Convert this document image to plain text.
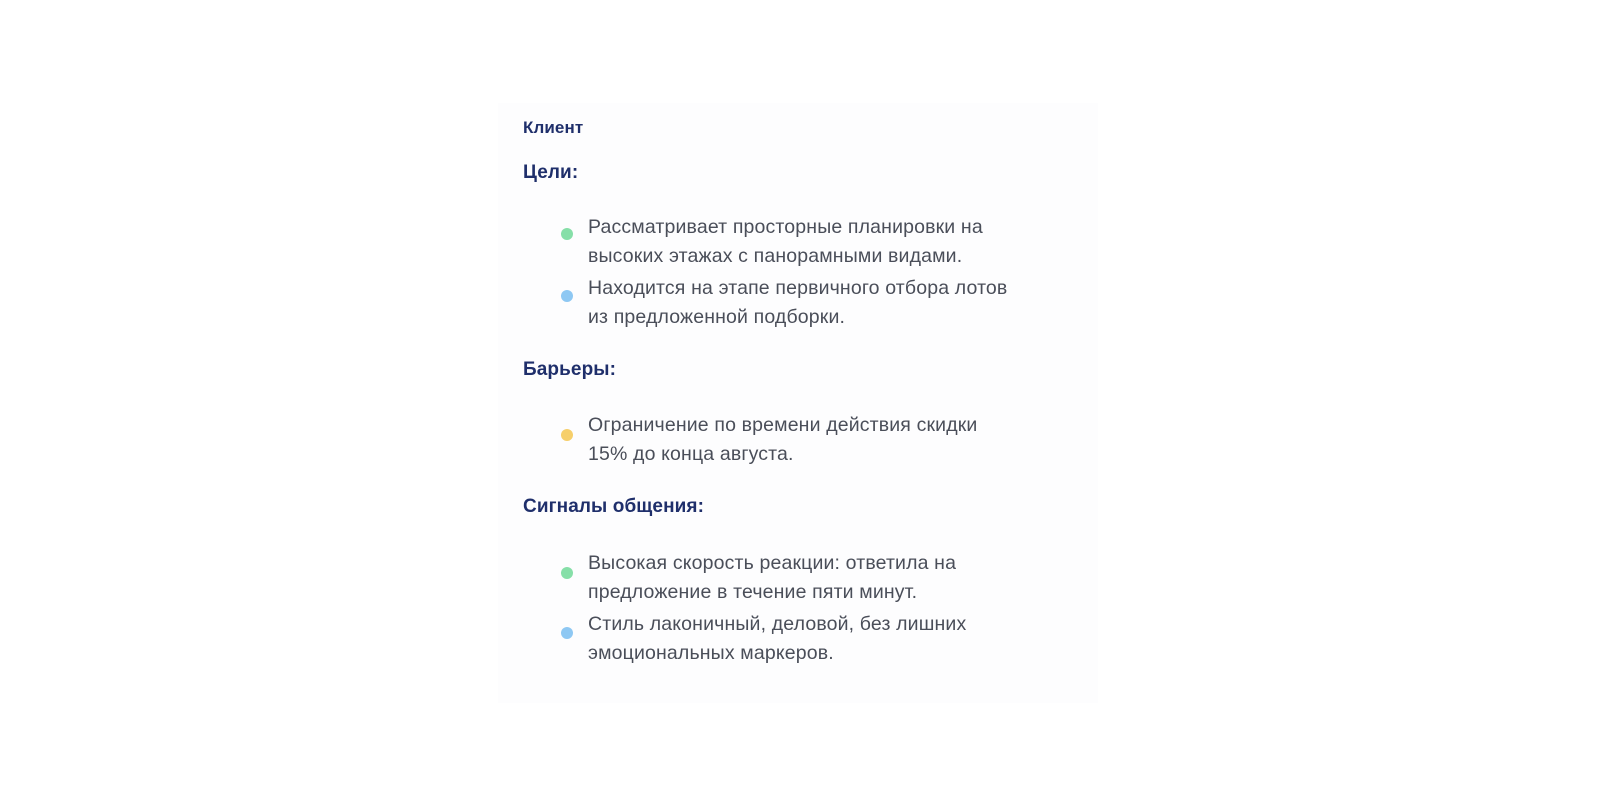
Клиент
Цели:
Рассматривает просторные планировки на
высоких этажах с панорамными видами.
Находится на этапе первичного отбора лотов
из предложенной подборки.
Барьеры:
Ограничение по времени действия скидки
15% до конца августа.
Сигналы общения:
Высокая скорость реакции: ответила на
предложение в течение пяти минут.
Стиль лаконичный, деловой, без лишних
эмоциональных маркеров.
